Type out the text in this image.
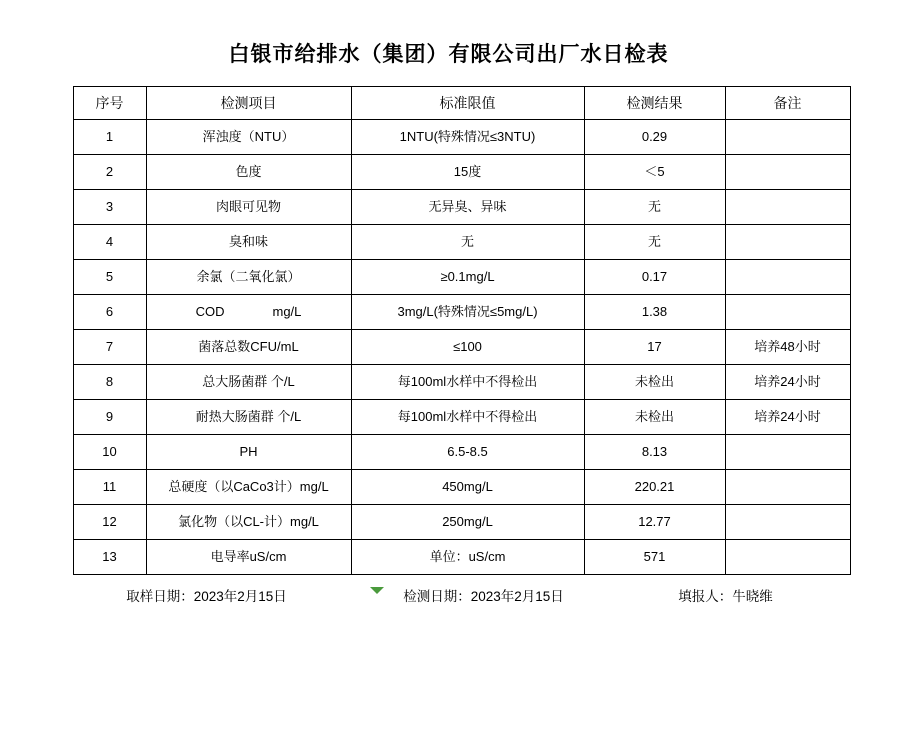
白银市给排水（集团）有限公司出厂水日检表
序号	检测项目	标准限值	检测结果	备注
1	浑浊度（NTU）	1NTU(特殊情况≤3NTU)	0.29	
2	色度	15度	＜5	
3	肉眼可见物	无异臭、异味	无	
4	臭和味	无	无	
5	余氯（二氧化氯）	≥0.1mg/L	0.17	
6	COD mg/L	3mg/L(特殊情况≤5mg/L)	1.38	
7	菌落总数CFU/mL	≤100	17	培养48小时
8	总大肠菌群 个/L	每100ml水样中不得检出	未检出	培养24小时
9	耐热大肠菌群 个/L	每100ml水样中不得检出	未检出	培养24小时
10	PH	6.5-8.5	8.13	
11	总硬度（以CaCo3计）mg/L	450mg/L	220.21	
12	氯化物（以CL-计）mg/L	250mg/L	12.77	
13	电导率uS/cm	单位：uS/cm	571	
取样日期：2023年2月15日	检测日期：2023年2月15日	填报人：牛晓维
